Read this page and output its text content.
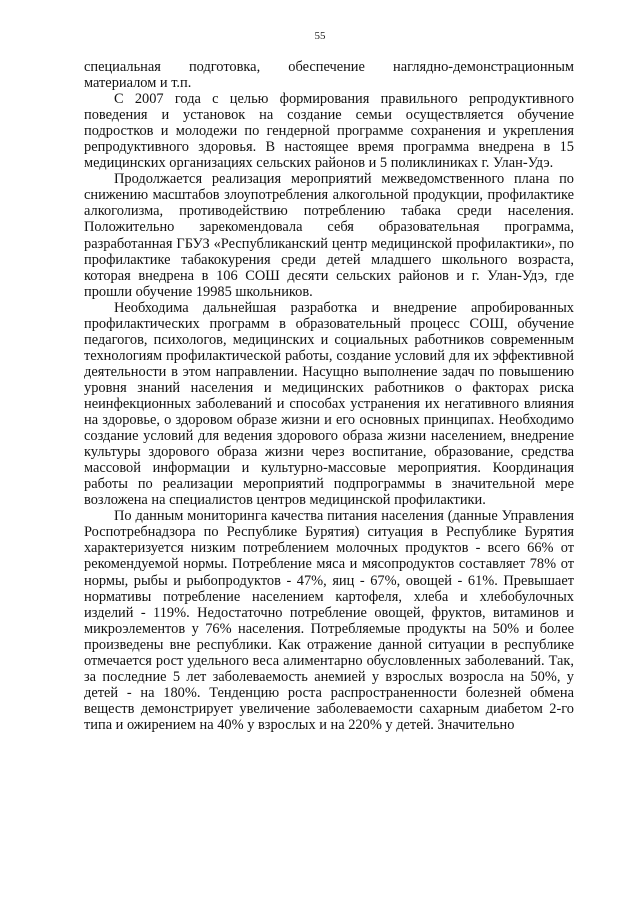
55

специальная подготовка, обеспечение наглядно-демонстрационным материалом и т.п.

С 2007 года с целью формирования правильного репродуктивного поведения и установок на создание семьи осуществляется обучение подростков и молодежи по гендерной программе сохранения и укрепления репродуктивного здоровья. В настоящее время программа внедрена в 15 медицинских организациях сельских районов и 5 поликлиниках г. Улан-Удэ.

Продолжается реализация мероприятий межведомственного плана по снижению масштабов злоупотребления алкогольной продукции, профилактике алкоголизма, противодействию потреблению табака среди населения. Положительно зарекомендовала себя образовательная программа, разработанная ГБУЗ «Республиканский центр медицинской профилактики», по профилактике табакокурения среди детей младшего школьного возраста, которая внедрена в 106 СОШ десяти сельских районов и г. Улан-Удэ, где прошли обучение 19985 школьников.

Необходима дальнейшая разработка и внедрение апробированных профилактических программ в образовательный процесс СОШ, обучение педагогов, психологов, медицинских и социальных работников современным технологиям профилактической работы, создание условий для их эффективной деятельности в этом направлении. Насущно выполнение задач по повышению уровня знаний населения и медицинских работников о факторах риска неинфекционных заболеваний и способах устранения их негативного влияния на здоровье, о здоровом образе жизни и его основных принципах. Необходимо создание условий для ведения здорового образа жизни населением, внедрение культуры здорового образа жизни через воспитание, образование, средства массовой информации и культурно-массовые мероприятия. Координация работы по реализации мероприятий подпрограммы в значительной мере возложена на специалистов центров медицинской профилактики.

По данным мониторинга качества питания населения (данные Управления Роспотребнадзора по Республике Бурятия) ситуация в Республике Бурятия характеризуется низким потреблением молочных продуктов - всего 66% от рекомендуемой нормы. Потребление мяса и мясопродуктов составляет 78% от нормы, рыбы и рыбопродуктов - 47%, яиц - 67%, овощей - 61%. Превышает нормативы потребление населением картофеля, хлеба и хлебобулочных изделий - 119%. Недостаточно потребление овощей, фруктов, витаминов и микроэлементов у 76% населения. Потребляемые продукты на 50% и более произведены вне республики. Как отражение данной ситуации в республике отмечается рост удельного веса алиментарно обусловленных заболеваний. Так, за последние 5 лет заболеваемость анемией у взрослых возросла на 50%, у детей - на 180%. Тенденцию роста распространенности болезней обмена веществ демонстрирует увеличение заболеваемости сахарным диабетом 2-го типа и ожирением на 40% у взрослых и на 220% у детей. Значительно
